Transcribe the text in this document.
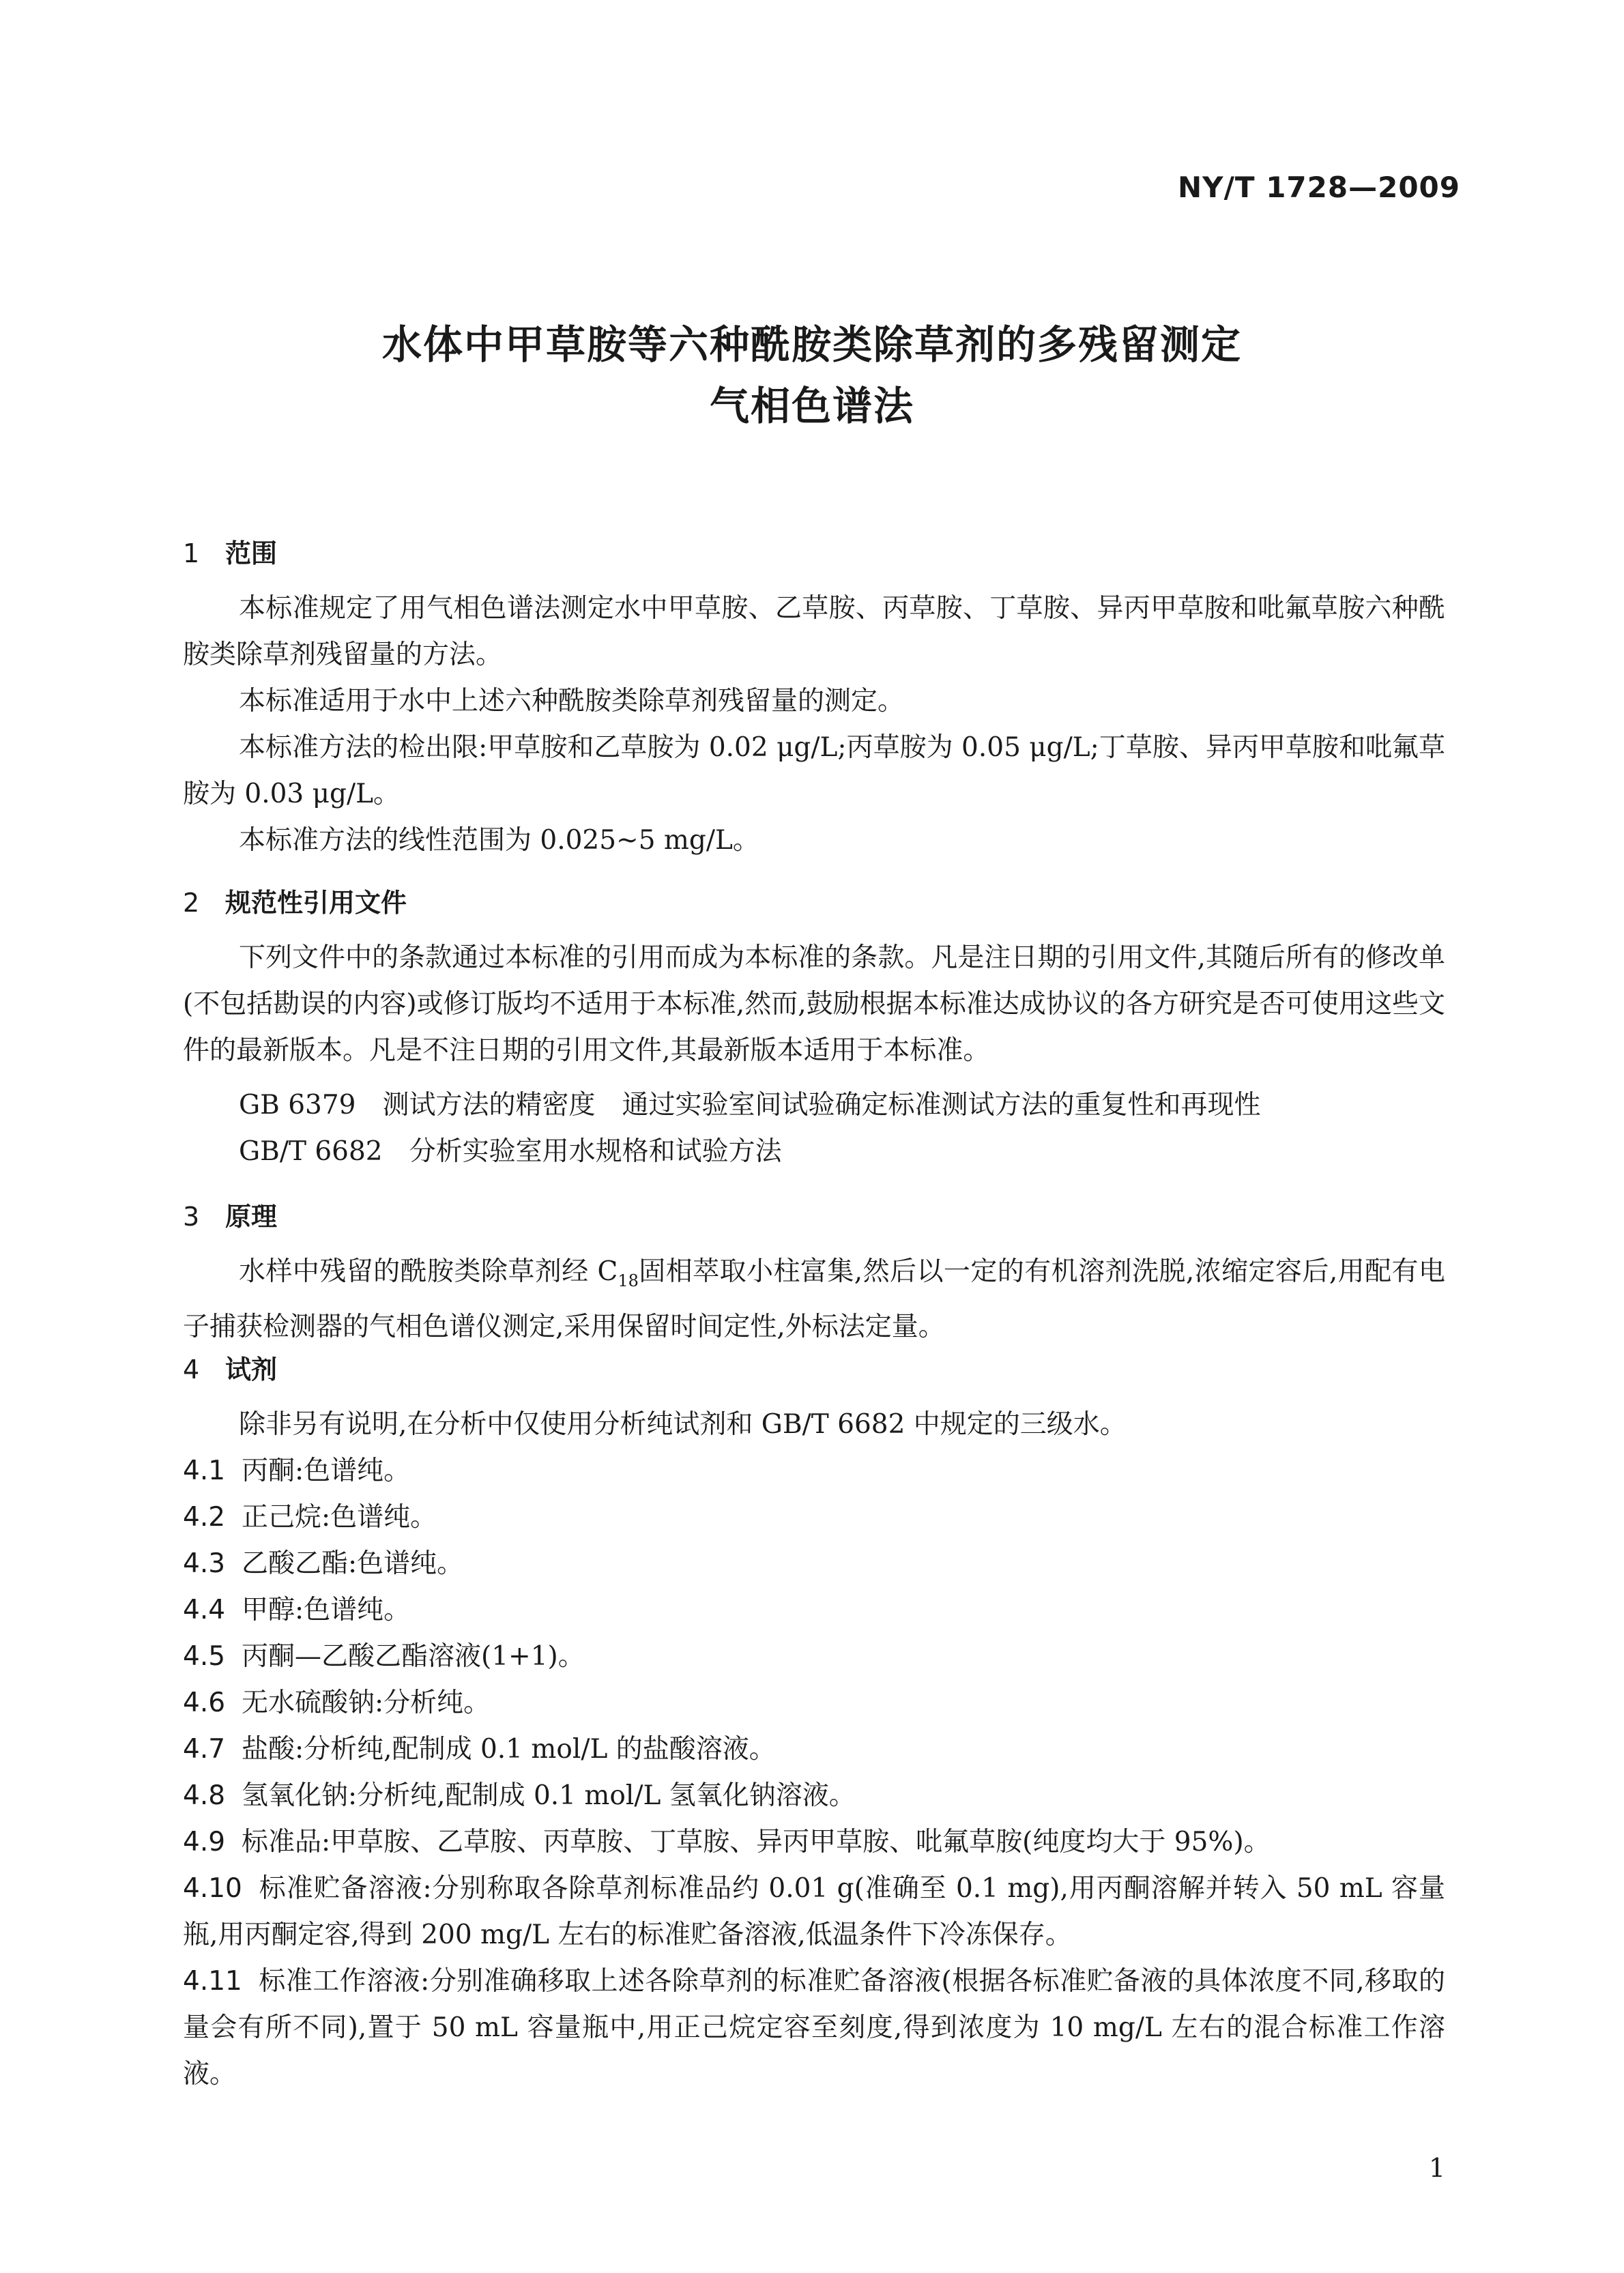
NY/T 1728—2009
水体中甲草胺等六种酰胺类除草剂的多残留测定
气相色谱法
1 范围
本标准规定了用气相色谱法测定水中甲草胺、乙草胺、丙草胺、丁草胺、异丙甲草胺和吡氟草胺六种酰胺类除草剂残留量的方法。
本标准适用于水中上述六种酰胺类除草剂残留量的测定。
本标准方法的检出限:甲草胺和乙草胺为 0.02 μg/L;丙草胺为 0.05 μg/L;丁草胺、异丙甲草胺和吡氟草胺为 0.03 μg/L。
本标准方法的线性范围为 0.025~5 mg/L。
2 规范性引用文件
下列文件中的条款通过本标准的引用而成为本标准的条款。凡是注日期的引用文件,其随后所有的修改单(不包括勘误的内容)或修订版均不适用于本标准,然而,鼓励根据本标准达成协议的各方研究是否可使用这些文件的最新版本。凡是不注日期的引用文件,其最新版本适用于本标准。
GB 6379　测试方法的精密度　通过实验室间试验确定标准测试方法的重复性和再现性
GB/T 6682　分析实验室用水规格和试验方法
3 原理
水样中残留的酰胺类除草剂经 $C_{18}$固相萃取小柱富集,然后以一定的有机溶剂洗脱,浓缩定容后,用配有电子捕获检测器的气相色谱仪测定,采用保留时间定性,外标法定量。
4 试剂
除非另有说明,在分析中仅使用分析纯试剂和 GB/T 6682 中规定的三级水。
4.1 丙酮:色谱纯。
4.2 正己烷:色谱纯。
4.3 乙酸乙酯:色谱纯。
4.4 甲醇:色谱纯。
4.5 丙酮—乙酸乙酯溶液(1+1)。
4.6 无水硫酸钠:分析纯。
4.7 盐酸:分析纯,配制成 0.1 mol/L 的盐酸溶液。
4.8 氢氧化钠:分析纯,配制成 0.1 mol/L 氢氧化钠溶液。
4.9 标准品:甲草胺、乙草胺、丙草胺、丁草胺、异丙甲草胺、吡氟草胺(纯度均大于 95%)。
4.10 标准贮备溶液:分别称取各除草剂标准品约 0.01 g(准确至 0.1 mg),用丙酮溶解并转入 50 mL 容量瓶,用丙酮定容,得到 200 mg/L 左右的标准贮备溶液,低温条件下冷冻保存。
4.11 标准工作溶液:分别准确移取上述各除草剂的标准贮备溶液(根据各标准贮备液的具体浓度不同,移取的量会有所不同),置于 50 mL 容量瓶中,用正己烷定容至刻度,得到浓度为 10 mg/L 左右的混合标准工作溶液。
1
